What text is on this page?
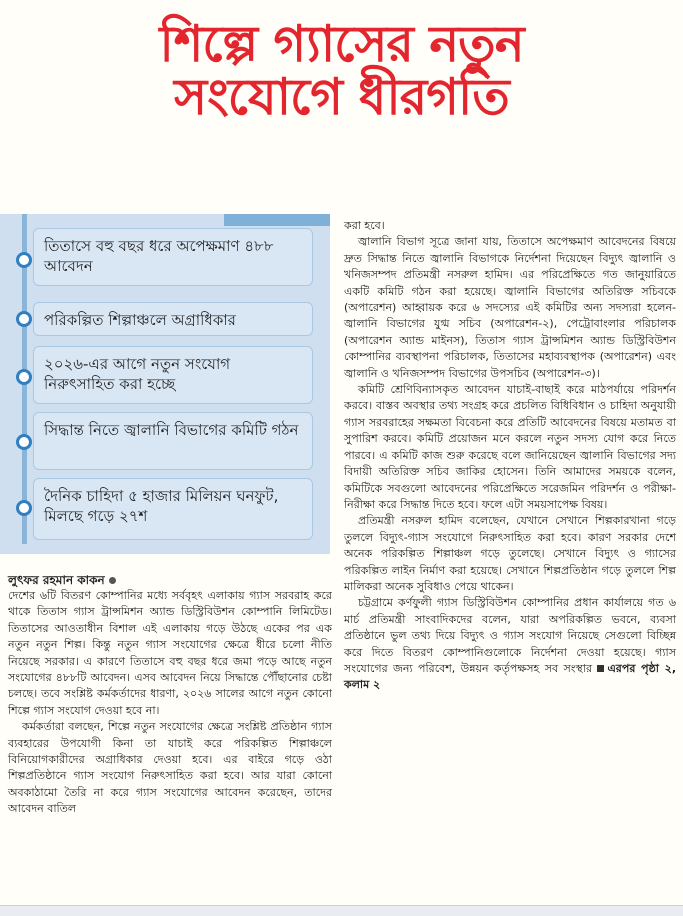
শিল্পে গ্যাসের নতুন
সংযোগে ধীরগতি
তিতাসে বহু বছর ধরে অপেক্ষমাণ ৪৮৮ আবেদন
পরিকল্পিত শিল্পাঞ্চলে অগ্রাধিকার
২০২৬-এর আগে নতুন সংযোগ নিরুৎসাহিত করা হচ্ছে
সিদ্ধান্ত নিতে জ্বালানি বিভাগের কমিটি গঠন
দৈনিক চাহিদা ৫ হাজার মিলিয়ন ঘনফুট, মিলছে গড়ে ২৭শ
লুৎফর রহমান কাকন

দেশের ৬টি বিতরণ কোম্পানির মধ্যে সর্ববৃহৎ এলাকায় গ্যাস সরবরাহ করে থাকে তিতাস গ্যাস ট্রান্সমিশন অ্যান্ড ডিস্ট্রিবিউশন কোম্পানি লিমিটেড। তিতাসের আওতাধীন বিশাল এই এলাকায় গড়ে উঠছে একের পর এক নতুন নতুন শিল্প। কিন্তু নতুন গ্যাস সংযোগের ক্ষেত্রে ধীরে চলো নীতি নিয়েছে সরকার। এ কারণে তিতাসে বহু বছর ধরে জমা পড়ে আছে নতুন সংযোগের ৪৮৮টি আবেদন। এসব আবেদন নিয়ে সিদ্ধান্তে পৌঁছানোর চেষ্টা চলছে। তবে সংশ্লিষ্ট কর্মকর্তাদের ধারণা, ২০২৬ সালের আগে নতুন কোনো শিল্পে গ্যাস সংযোগ দেওয়া হবে না।

কর্মকর্তারা বলছেন, শিল্পে নতুন সংযোগের ক্ষেত্রে সংশ্লিষ্ট প্রতিষ্ঠান গ্যাস ব্যবহারের উপযোগী কিনা তা যাচাই করে পরিকল্পিত শিল্পাঞ্চলে বিনিয়োগকারীদের অগ্রাধিকার দেওয়া হবে। এর বাইরে গড়ে ওঠা শিল্পপ্রতিষ্ঠানে গ্যাস সংযোগ নিরুৎসাহিত করা হবে। আর যারা কোনো অবকাঠামো তৈরি না করে গ্যাস সংযোগের আবেদন করেছেন, তাদের আবেদন বাতিল

করা হবে।

জ্বালানি বিভাগ সূত্রে জানা যায়, তিতাসে অপেক্ষমাণ আবেদনের বিষয়ে দ্রুত সিদ্ধান্ত নিতে জ্বালানি বিভাগকে নির্দেশনা দিয়েছেন বিদ্যুৎ জ্বালানি ও খনিজসম্পদ প্রতিমন্ত্রী নসরুল হামিদ। এর পরিপ্রেক্ষিতে গত জানুয়ারিতে একটি কমিটি গঠন করা হয়েছে। জ্বালানি বিভাগের অতিরিক্ত সচিবকে (অপারেশন) আহ্বায়ক করে ৬ সদস্যের এই কমিটির অন্য সদস্যরা হলেন- জ্বালানি বিভাগের যুগ্ম সচিব (অপারেশন-২), পেট্রোবাংলার পরিচালক (অপারেশন অ্যান্ড মাইনস), তিতাস গ্যাস ট্রান্সমিশন অ্যান্ড ডিস্ট্রিবিউশন কোম্পানির ব্যবস্থাপনা পরিচালক, তিতাসের মহাব্যবস্থাপক (অপারেশন) এবং জ্বালানি ও খনিজসম্পদ বিভাগের উপসচিব (অপারেশন-৩)।

কমিটি শ্রেণিবিন্যাসকৃত আবেদন যাচাই-বাছাই করে মাঠপর্যায়ে পরিদর্শন করবে। বাস্তব অবস্থার তথ্য সংগ্রহ করে প্রচলিত বিধিবিধান ও চাহিদা অনুযায়ী গ্যাস সরবরাহের সক্ষমতা বিবেচনা করে প্রতিটি আবেদনের বিষয়ে মতামত বা সুপারিশ করবে। কমিটি প্রয়োজন মনে করলে নতুন সদস্য যোগ করে নিতে পারবে। এ কমিটি কাজ শুরু করেছে বলে জানিয়েছেন জ্বালানি বিভাগের সদ্য বিদায়ী অতিরিক্ত সচিব জাকির হোসেন। তিনি আমাদের সময়কে বলেন, কমিটিকে সবগুলো আবেদনের পরিপ্রেক্ষিতে সরেজমিন পরিদর্শন ও পরীক্ষা-নিরীক্ষা করে সিদ্ধান্ত দিতে হবে। ফলে এটা সময়সাপেক্ষ বিষয়।

প্রতিমন্ত্রী নসরুল হামিদ বলেছেন, যেখানে সেখানে শিল্পকারখানা গড়ে তুললে বিদ্যুৎ-গ্যাস সংযোগে নিরুৎসাহিত করা হবে। কারণ সরকার দেশে অনেক পরিকল্পিত শিল্পাঞ্চল গড়ে তুলেছে। সেখানে বিদ্যুৎ ও গ্যাসের পরিকল্পিত লাইন নির্মাণ করা হয়েছে। সেখানে শিল্পপ্রতিষ্ঠান গড়ে তুললে শিল্প মালিকরা অনেক সুবিধাও পেয়ে থাকেন।

চট্টগ্রামে কর্ণফুলী গ্যাস ডিস্ট্রিবিউশন কোম্পানির প্রধান কার্যালয়ে গত ৬ মার্চ প্রতিমন্ত্রী সাংবাদিকদের বলেন, যারা অপরিকল্পিত ভবনে, ব্যবসা প্রতিষ্ঠানে ভুল তথ্য দিয়ে বিদ্যুৎ ও গ্যাস সংযোগ নিয়েছে সেগুলো বিচ্ছিন্ন করে দিতে বিতরণ কোম্পানিগুলোকে নির্দেশনা দেওয়া হয়েছে। গ্যাস সংযোগের জন্য পরিবেশ, উন্নয়ন কর্তৃপক্ষসহ সব সংস্থার এরপর পৃষ্ঠা ২, কলাম ২
